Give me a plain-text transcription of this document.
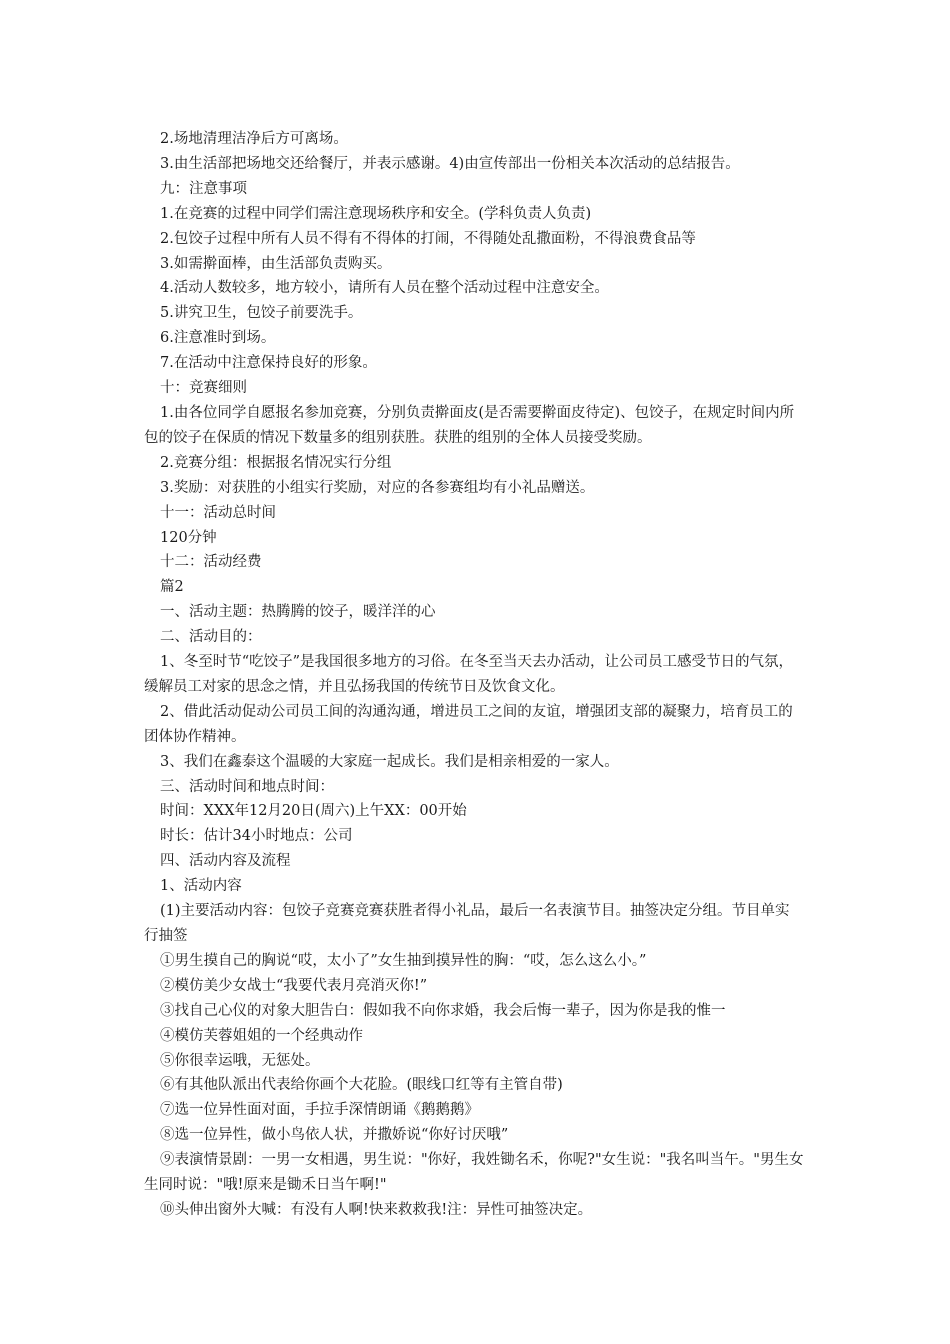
2.场地清理洁净后方可离场。

3.由生活部把场地交还给餐厅，并表示感谢。4)由宣传部出一份相关本次活动的总结报告。

九：注意事项

1.在竞赛的过程中同学们需注意现场秩序和安全。(学科负责人负责)

2.包饺子过程中所有人员不得有不得体的打闹，不得随处乱撒面粉，不得浪费食品等

3.如需擀面棒，由生活部负责购买。

4.活动人数较多，地方较小，请所有人员在整个活动过程中注意安全。

5.讲究卫生，包饺子前要洗手。

6.注意准时到场。

7.在活动中注意保持良好的形象。

十：竞赛细则

1.由各位同学自愿报名参加竞赛，分别负责擀面皮(是否需要擀面皮待定)、包饺子，在规定时间内所包的饺子在保质的情况下数量多的组别获胜。获胜的组别的全体人员接受奖励。

2.竞赛分组：根据报名情况实行分组

3.奖励：对获胜的小组实行奖励，对应的各参赛组均有小礼品赠送。

十一：活动总时间

120分钟

十二：活动经费

篇2

一、活动主题：热腾腾的饺子，暖洋洋的心

二、活动目的：

1、冬至时节“吃饺子”是我国很多地方的习俗。在冬至当天去办活动，让公司员工感受节日的气氛，缓解员工对家的思念之情，并且弘扬我国的传统节日及饮食文化。

2、借此活动促动公司员工间的沟通沟通，增进员工之间的友谊，增强团支部的凝聚力，培育员工的团体协作精神。

3、我们在鑫泰这个温暖的大家庭一起成长。我们是相亲相爱的一家人。

三、活动时间和地点时间：

时间：XXX年12月20日(周六)上午XX：00开始

时长：估计34小时地点：公司

四、活动内容及流程

1、活动内容

(1)主要活动内容：包饺子竞赛竞赛获胜者得小礼品，最后一名表演节目。抽签决定分组。节目单实行抽签

①男生摸自己的胸说“哎，太小了”女生抽到摸异性的胸：“哎，怎么这么小。”

②模仿美少女战士“我要代表月亮消灭你!”

③找自己心仪的对象大胆告白：假如我不向你求婚，我会后悔一辈子，因为你是我的惟一

④模仿芙蓉姐姐的一个经典动作

⑤你很幸运哦，无惩处。

⑥有其他队派出代表给你画个大花脸。(眼线口红等有主管自带)

⑦选一位异性面对面，手拉手深情朗诵《鹅鹅鹅》

⑧选一位异性，做小鸟依人状，并撒娇说“你好讨厌哦”

⑨表演情景剧：一男一女相遇，男生说："你好，我姓锄名禾，你呢?"女生说："我名叫当午。"男生女生同时说："哦!原来是锄禾日当午啊!"

⑩头伸出窗外大喊：有没有人啊!快来救救我!注：异性可抽签决定。
